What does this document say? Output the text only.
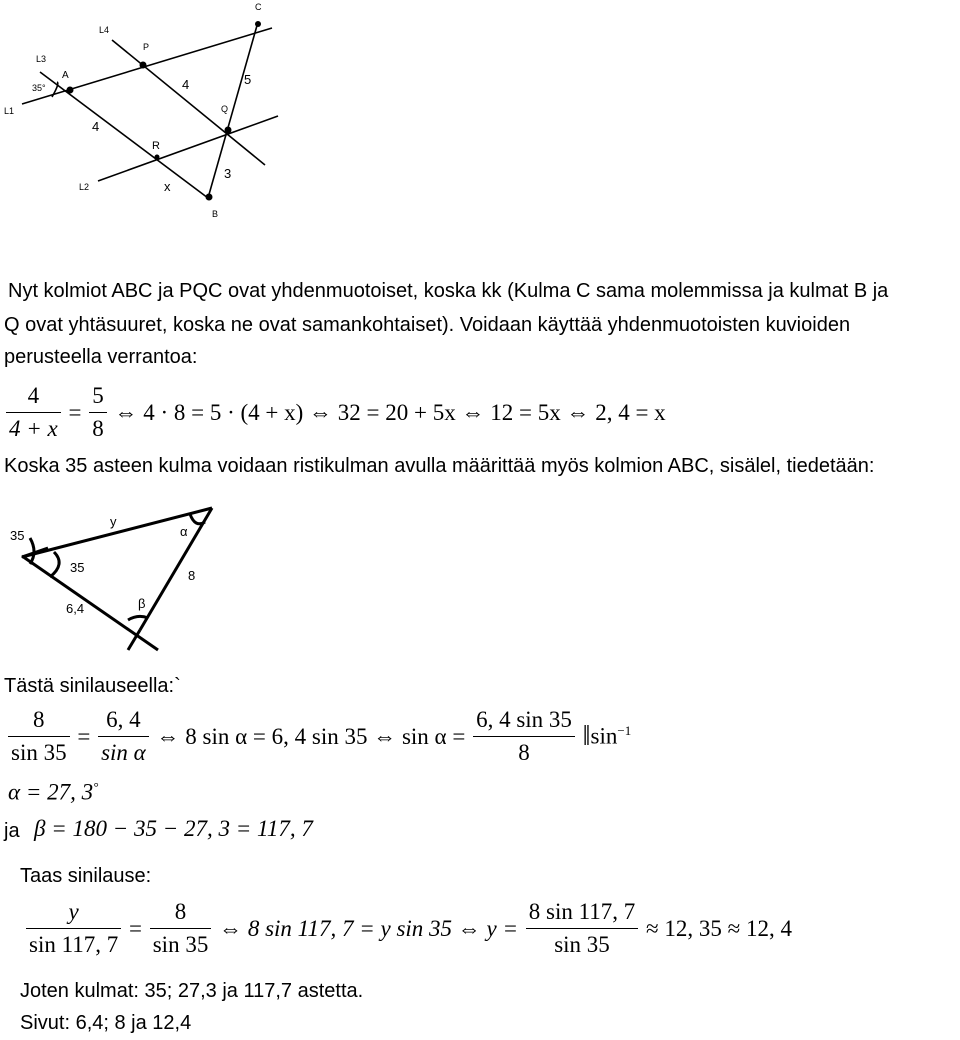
C
L4
P
L3
A
35°
L1
4	5
Q
4
R
3
L2	x
B
Nyt kolmiot ABC ja PQC ovat yhdenmuotoiset, koska kk (Kulma C sama molemmissa ja kulmat B ja
Q ovat yhtäsuuret, koska ne ovat samankohtaiset). Voidaan käyttää yhdenmuotoisten kuvioiden
perusteella verrantoa:
$\frac{4}{4 + x} = \frac{5}{8}$ ⇔ 4 · 8 = 5 · (4 + x) ⇔ 32 = 20 + 5x ⇔ 12 = 5x ⇔ 2, 4 = x
Koska 35 asteen kulma voidaan ristikulman avulla määrittää myös kolmion ABC, sisälel, tiedetään:
35
y
α
35
8
β
6,4
Tästä sinilauseella:`
$\frac{8}{\sin 35} = \frac{6, 4}{\text{sin α}}$ ⇔ 8 sin α = 6, 4 sin 35 ⇔ $\sin \alpha = \frac{6, 4 \sin 35}{8}$ $‖\sin^{-1}$
α = 27, 3°
ja β = 180 − 35 − 27, 3 = 117, 7
Taas sinilause:
$\frac{y}{\sin 117, 7} = \frac{8}{\sin 35}$ ⇔ 8 sin 117, 7 = y sin 35 ⇔ $y = \frac{8 \sin 117, 7}{\sin 35} \approx 12$, 35 ≈ 12, 4
Joten kulmat: 35; 27,3 ja 117,7 astetta.
Sivut: 6,4; 8 ja 12,4
